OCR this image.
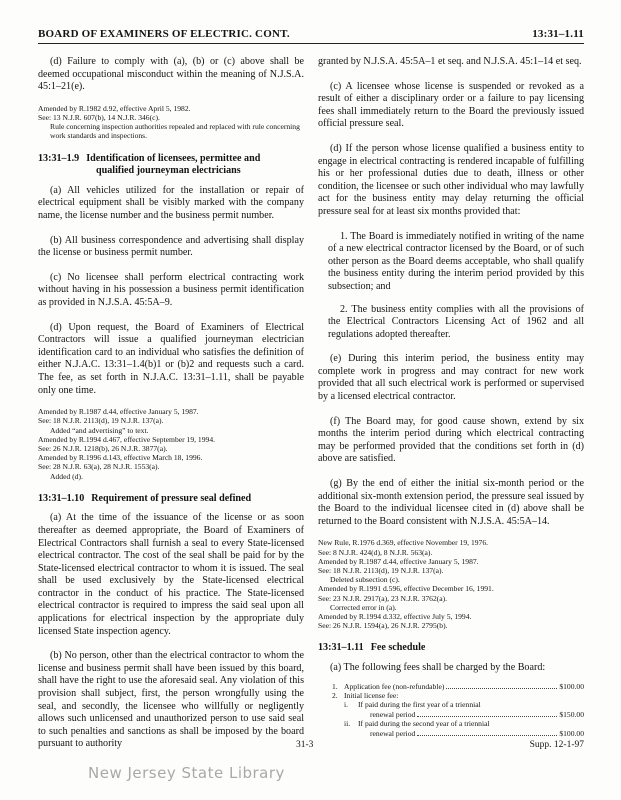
BOARD OF EXAMINERS OF ELECTRIC. CONT.	13:31–1.11

(d) Failure to comply with (a), (b) or (c) above shall be deemed occupational misconduct within the meaning of N.J.S.A. 45:1–21(e).

Amended by R.1982 d.92, effective April 5, 1982.
See: 13 N.J.R. 607(b), 14 N.J.R. 346(c).
Rule concerning inspection authorities repealed and replaced with rule concerning work standards and inspections.
13:31–1.9 Identification of licensees, permittee and
qualified journeyman electricians

(a) All vehicles utilized for the installation or repair of electrical equipment shall be visibly marked with the company name, the license number and the business permit number.

(b) All business correspondence and advertising shall display the license or business permit number.

(c) No licensee shall perform electrical contracting work without having in his possession a business permit identification as provided in N.J.S.A. 45:5A–9.

(d) Upon request, the Board of Examiners of Electrical Contractors will issue a qualified journeyman electrician identification card to an individual who satisfies the definition of either N.J.A.C. 13:31–1.4(b)1 or (b)2 and requests such a card. The fee, as set forth in N.J.A.C. 13:31–1.11, shall be payable only one time.

Amended by R.1987 d.44, effective January 5, 1987.
See: 18 N.J.R. 2113(d), 19 N.J.R. 137(a).
Added “and advertising” to text.
Amended by R.1994 d.467, effective September 19, 1994.
See: 26 N.J.R. 1218(b), 26 N.J.R. 3877(a).
Amended by R.1996 d.143, effective March 18, 1996.
See: 28 N.J.R. 63(a), 28 N.J.R. 1553(a).
Added (d).
13:31–1.10 Requirement of pressure seal defined

(a) At the time of the issuance of the license or as soon thereafter as deemed appropriate, the Board of Examiners of Electrical Contractors shall furnish a seal to every State-licensed electrical contractor. The cost of the seal shall be paid for by the State-licensed electrical contractor to whom it is issued. The seal shall be used exclusively by the State-licensed electrical contractor in the conduct of his practice. The State-licensed electrical contractor is required to impress the said seal upon all applications for electrical inspection by the appropriate duly licensed State inspection agency.

(b) No person, other than the electrical contractor to whom the license and business permit shall have been issued by this board, shall have the right to use the aforesaid seal. Any violation of this provision shall subject, first, the person wrongfully using the seal, and secondly, the licensee who willfully or negligently allows such unlicensed and unauthorized person to use said seal to such penalties and sanctions as shall be imposed by the board pursuant to authority

granted by N.J.S.A. 45:5A–1 et seq. and N.J.S.A. 45:1–14 et seq.

(c) A licensee whose license is suspended or revoked as a result of either a disciplinary order or a failure to pay licensing fees shall immediately return to the Board the previously issued official pressure seal.

(d) If the person whose license qualified a business entity to engage in electrical contracting is rendered incapable of fulfilling his or her professional duties due to death, illness or other condition, the licensee or such other individual who may lawfully act for the business entity may delay returning the official pressure seal for at least six months provided that:

1. The Board is immediately notified in writing of the name of a new electrical contractor licensed by the Board, or of such other person as the Board deems acceptable, who shall qualify the business entity during the interim period provided by this subsection; and
2. The business entity complies with all the provisions of the Electrical Contractors Licensing Act of 1962 and all regulations adopted thereafter.

(e) During this interim period, the business entity may complete work in progress and may contract for new work provided that all such electrical work is performed or supervised by a licensed electrical contractor.

(f) The Board may, for good cause shown, extend by six months the interim period during which electrical contracting may be performed provided that the conditions set forth in (d) above are satisfied.

(g) By the end of either the initial six-month period or the additional six-month extension period, the pressure seal issued by the Board to the individual licensee cited in (d) above shall be returned to the Board consistent with N.J.S.A. 45:5A–14.

New Rule, R.1976 d.369, effective November 19, 1976.
See: 8 N.J.R. 424(d), 8 N.J.R. 563(a).
Amended by R.1987 d.44, effective January 5, 1987.
See: 18 N.J.R. 2113(d), 19 N.J.R. 137(a).
Deleted subsection (c).
Amended by R.1991 d.596, effective December 16, 1991.
See: 23 N.J.R. 2917(a), 23 N.J.R. 3762(a).
Corrected error in (a).
Amended by R.1994 d.332, effective July 5, 1994.
See: 26 N.J.R. 1594(a), 26 N.J.R. 2795(b).
13:31–1.11 Fee schedule

(a) The following fees shall be charged by the Board:

1. Application fee (non-refundable)	$100.00
2. Initial license fee:
i.	If paid during the first year of a triennial
renewal period	$150.00
ii.	If paid during the second year of a triennial
renewal period	$100.00
31-3	Supp. 12-1-97
New Jersey State Library
